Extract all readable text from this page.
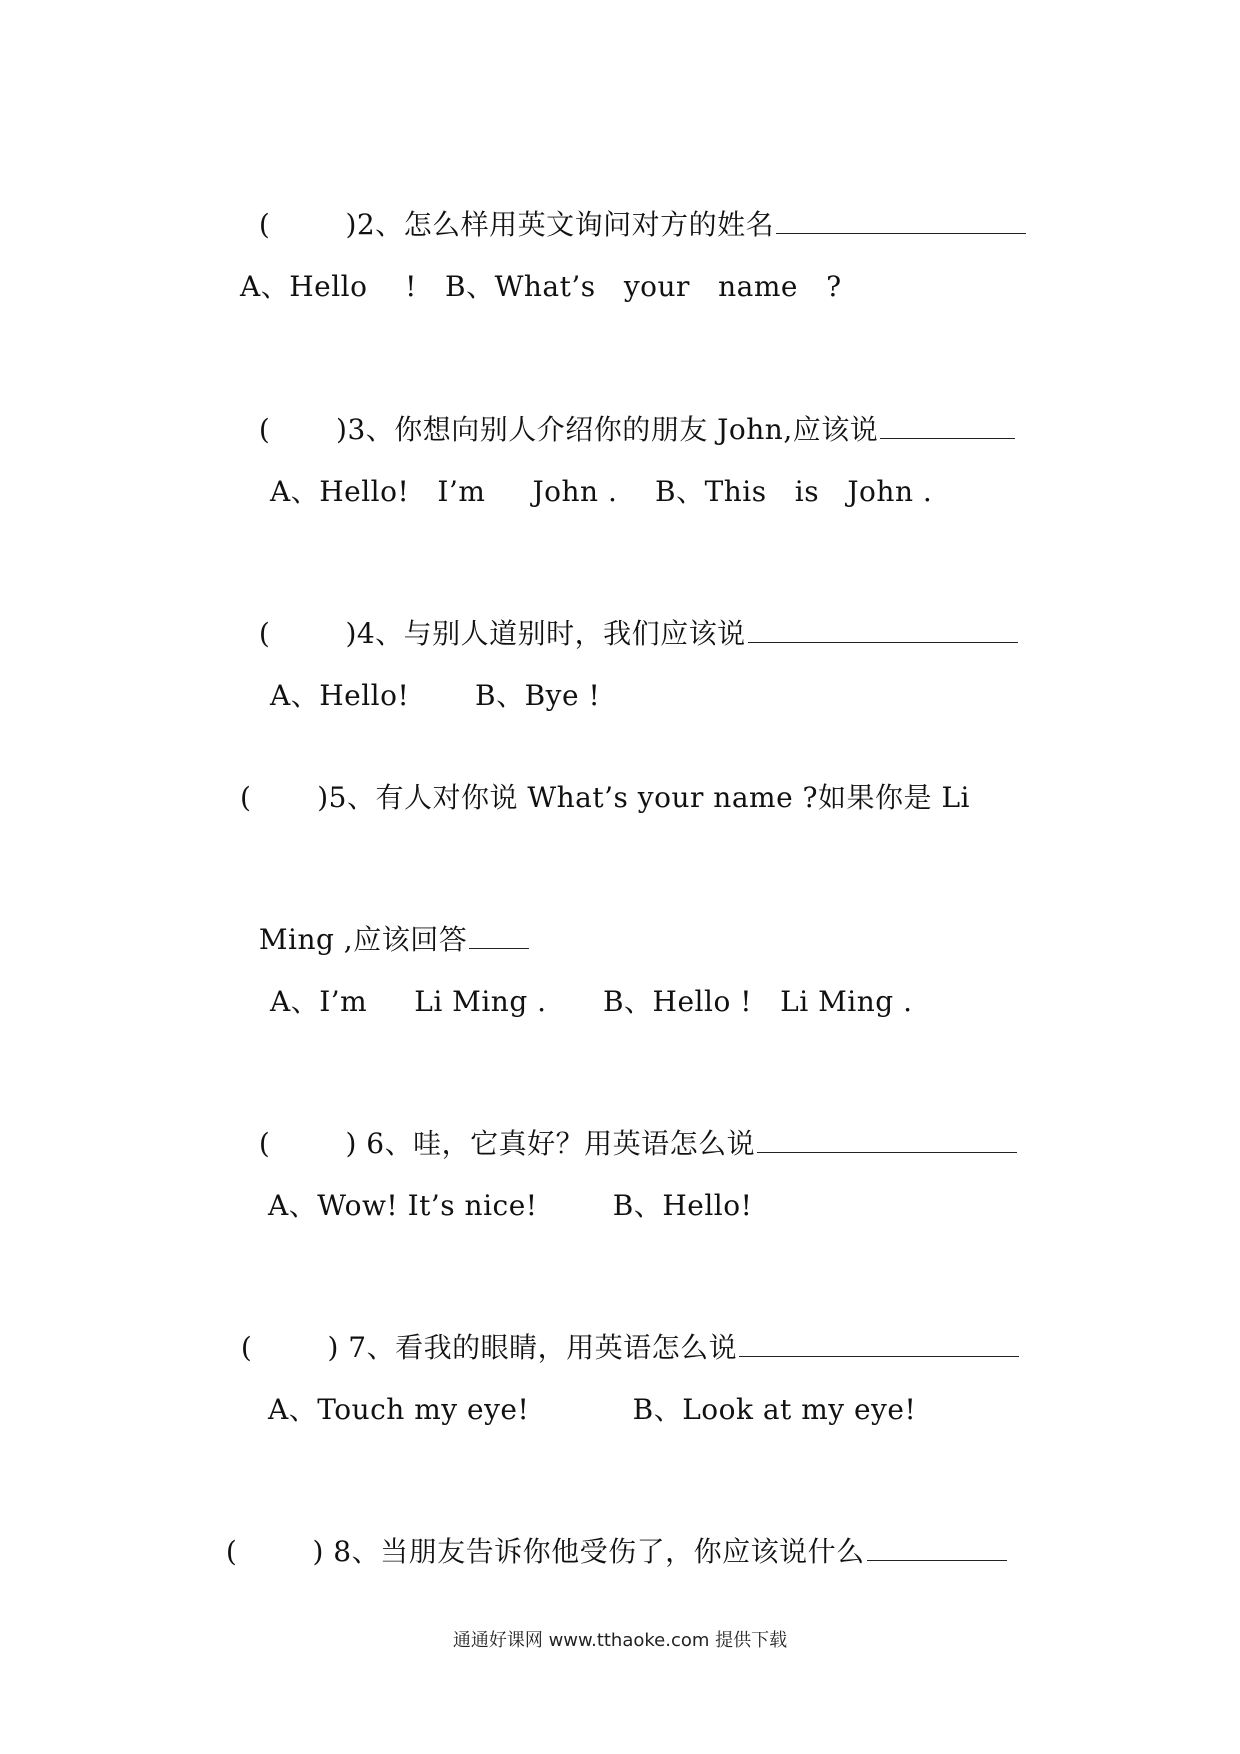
(        )2、怎么样用英文询问对方的姓名

A、Hello    !   B、What’s   your   name   ?

(       )3、你想向别人介绍你的朋友 John,应该说

A、Hello!   I’m     John .    B、This   is   John .

(        )4、与别人道别时，我们应该说

A、Hello!       B、Bye !
(       )5、有人对你说 What’s your name ?如果你是 Li

Ming ,应该回答

A、I’m     Li Ming .      B、Hello !   Li Ming .

(        ) 6、哇，它真好？用英语怎么说

A、Wow! It’s nice!        B、Hello!

(        ) 7、看我的眼睛，用英语怎么说

A、Touch my eye!           B、Look at my eye!

(        ) 8、当朋友告诉你他受伤了，你应该说什么

通通好课网 www.tthaoke.com 提供下载
